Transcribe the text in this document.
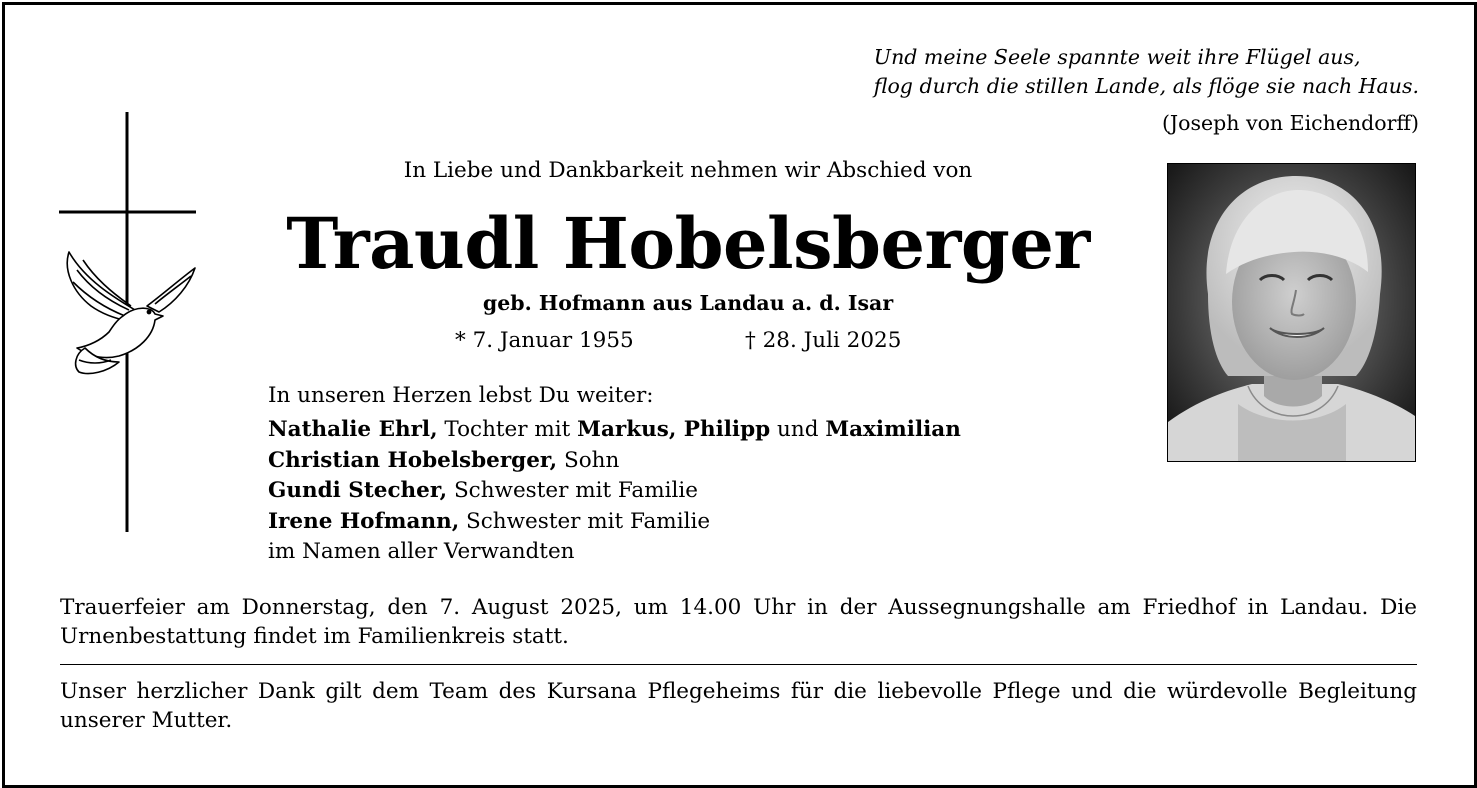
Und meine Seele spannte weit ihre Flügel aus,
flog durch die stillen Lande, als flöge sie nach Haus.
(Joseph von Eichendorff)
In Liebe und Dankbarkeit nehmen wir Abschied von
Traudl Hobelsberger
geb. Hofmann aus Landau a. d. Isar
* 7. Januar 1955	† 28. Juli 2025
In unseren Herzen lebst Du weiter:
Nathalie Ehrl, Tochter mit Markus, Philipp und Maximilian
Christian Hobelsberger, Sohn
Gundi Stecher, Schwester mit Familie
Irene Hofmann, Schwester mit Familie
im Namen aller Verwandten
Trauerfeier am Donnerstag, den 7. August 2025, um 14.00 Uhr in der Aussegnungshalle am Friedhof in Landau. Die Urnenbestattung findet im Familienkreis statt.
Unser herzlicher Dank gilt dem Team des Kursana Pflegeheims für die liebevolle Pflege und die würdevolle Begleitung unserer Mutter.
